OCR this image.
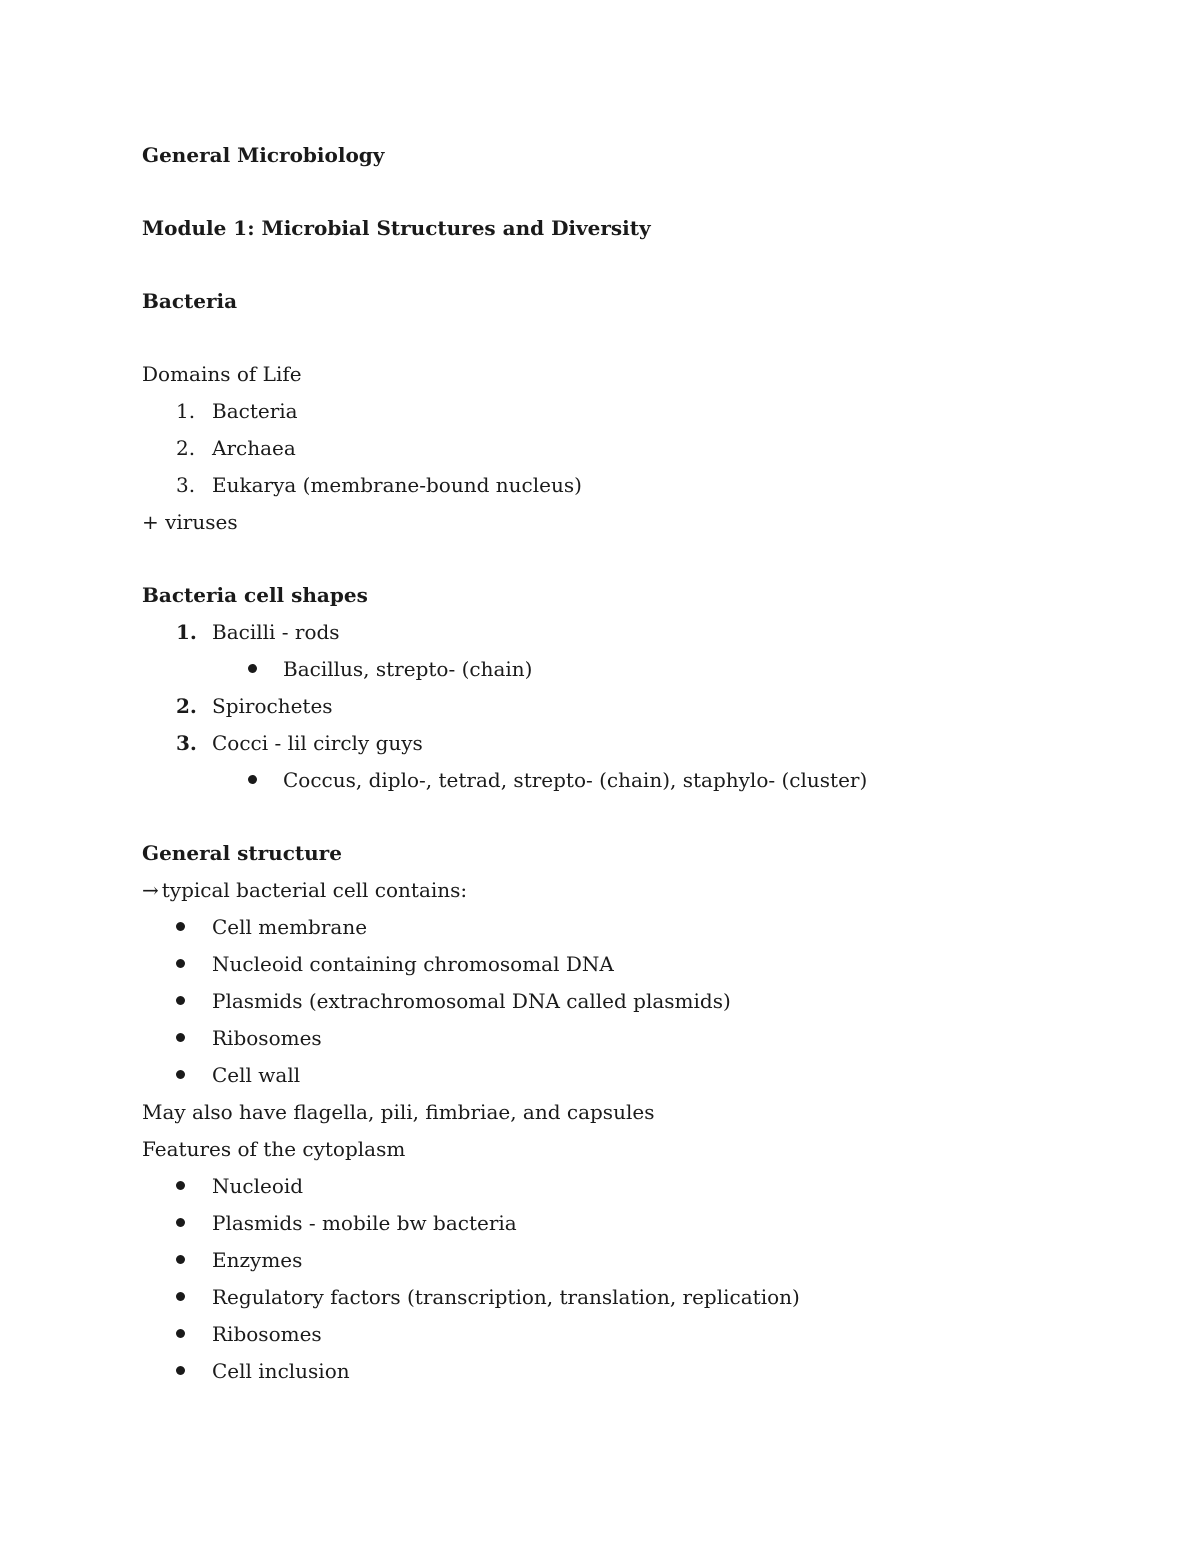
General Microbiology
Module 1: Microbial Structures and Diversity
Bacteria
Domains of Life
1. Bacteria
2. Archaea
3. Eukarya (membrane-bound nucleus)
+ viruses
Bacteria cell shapes
1. Bacilli - rods
Bacillus, strepto- (chain)
2. Spirochetes
3. Cocci - lil circly guys
Coccus, diplo-, tetrad, strepto- (chain), staphylo- (cluster)
General structure
→ typical bacterial cell contains:
Cell membrane
Nucleoid containing chromosomal DNA
Plasmids (extrachromosomal DNA called plasmids)
Ribosomes
Cell wall
May also have flagella, pili, fimbriae, and capsules
Features of the cytoplasm
Nucleoid
Plasmids - mobile bw bacteria
Enzymes
Regulatory factors (transcription, translation, replication)
Ribosomes
Cell inclusion
